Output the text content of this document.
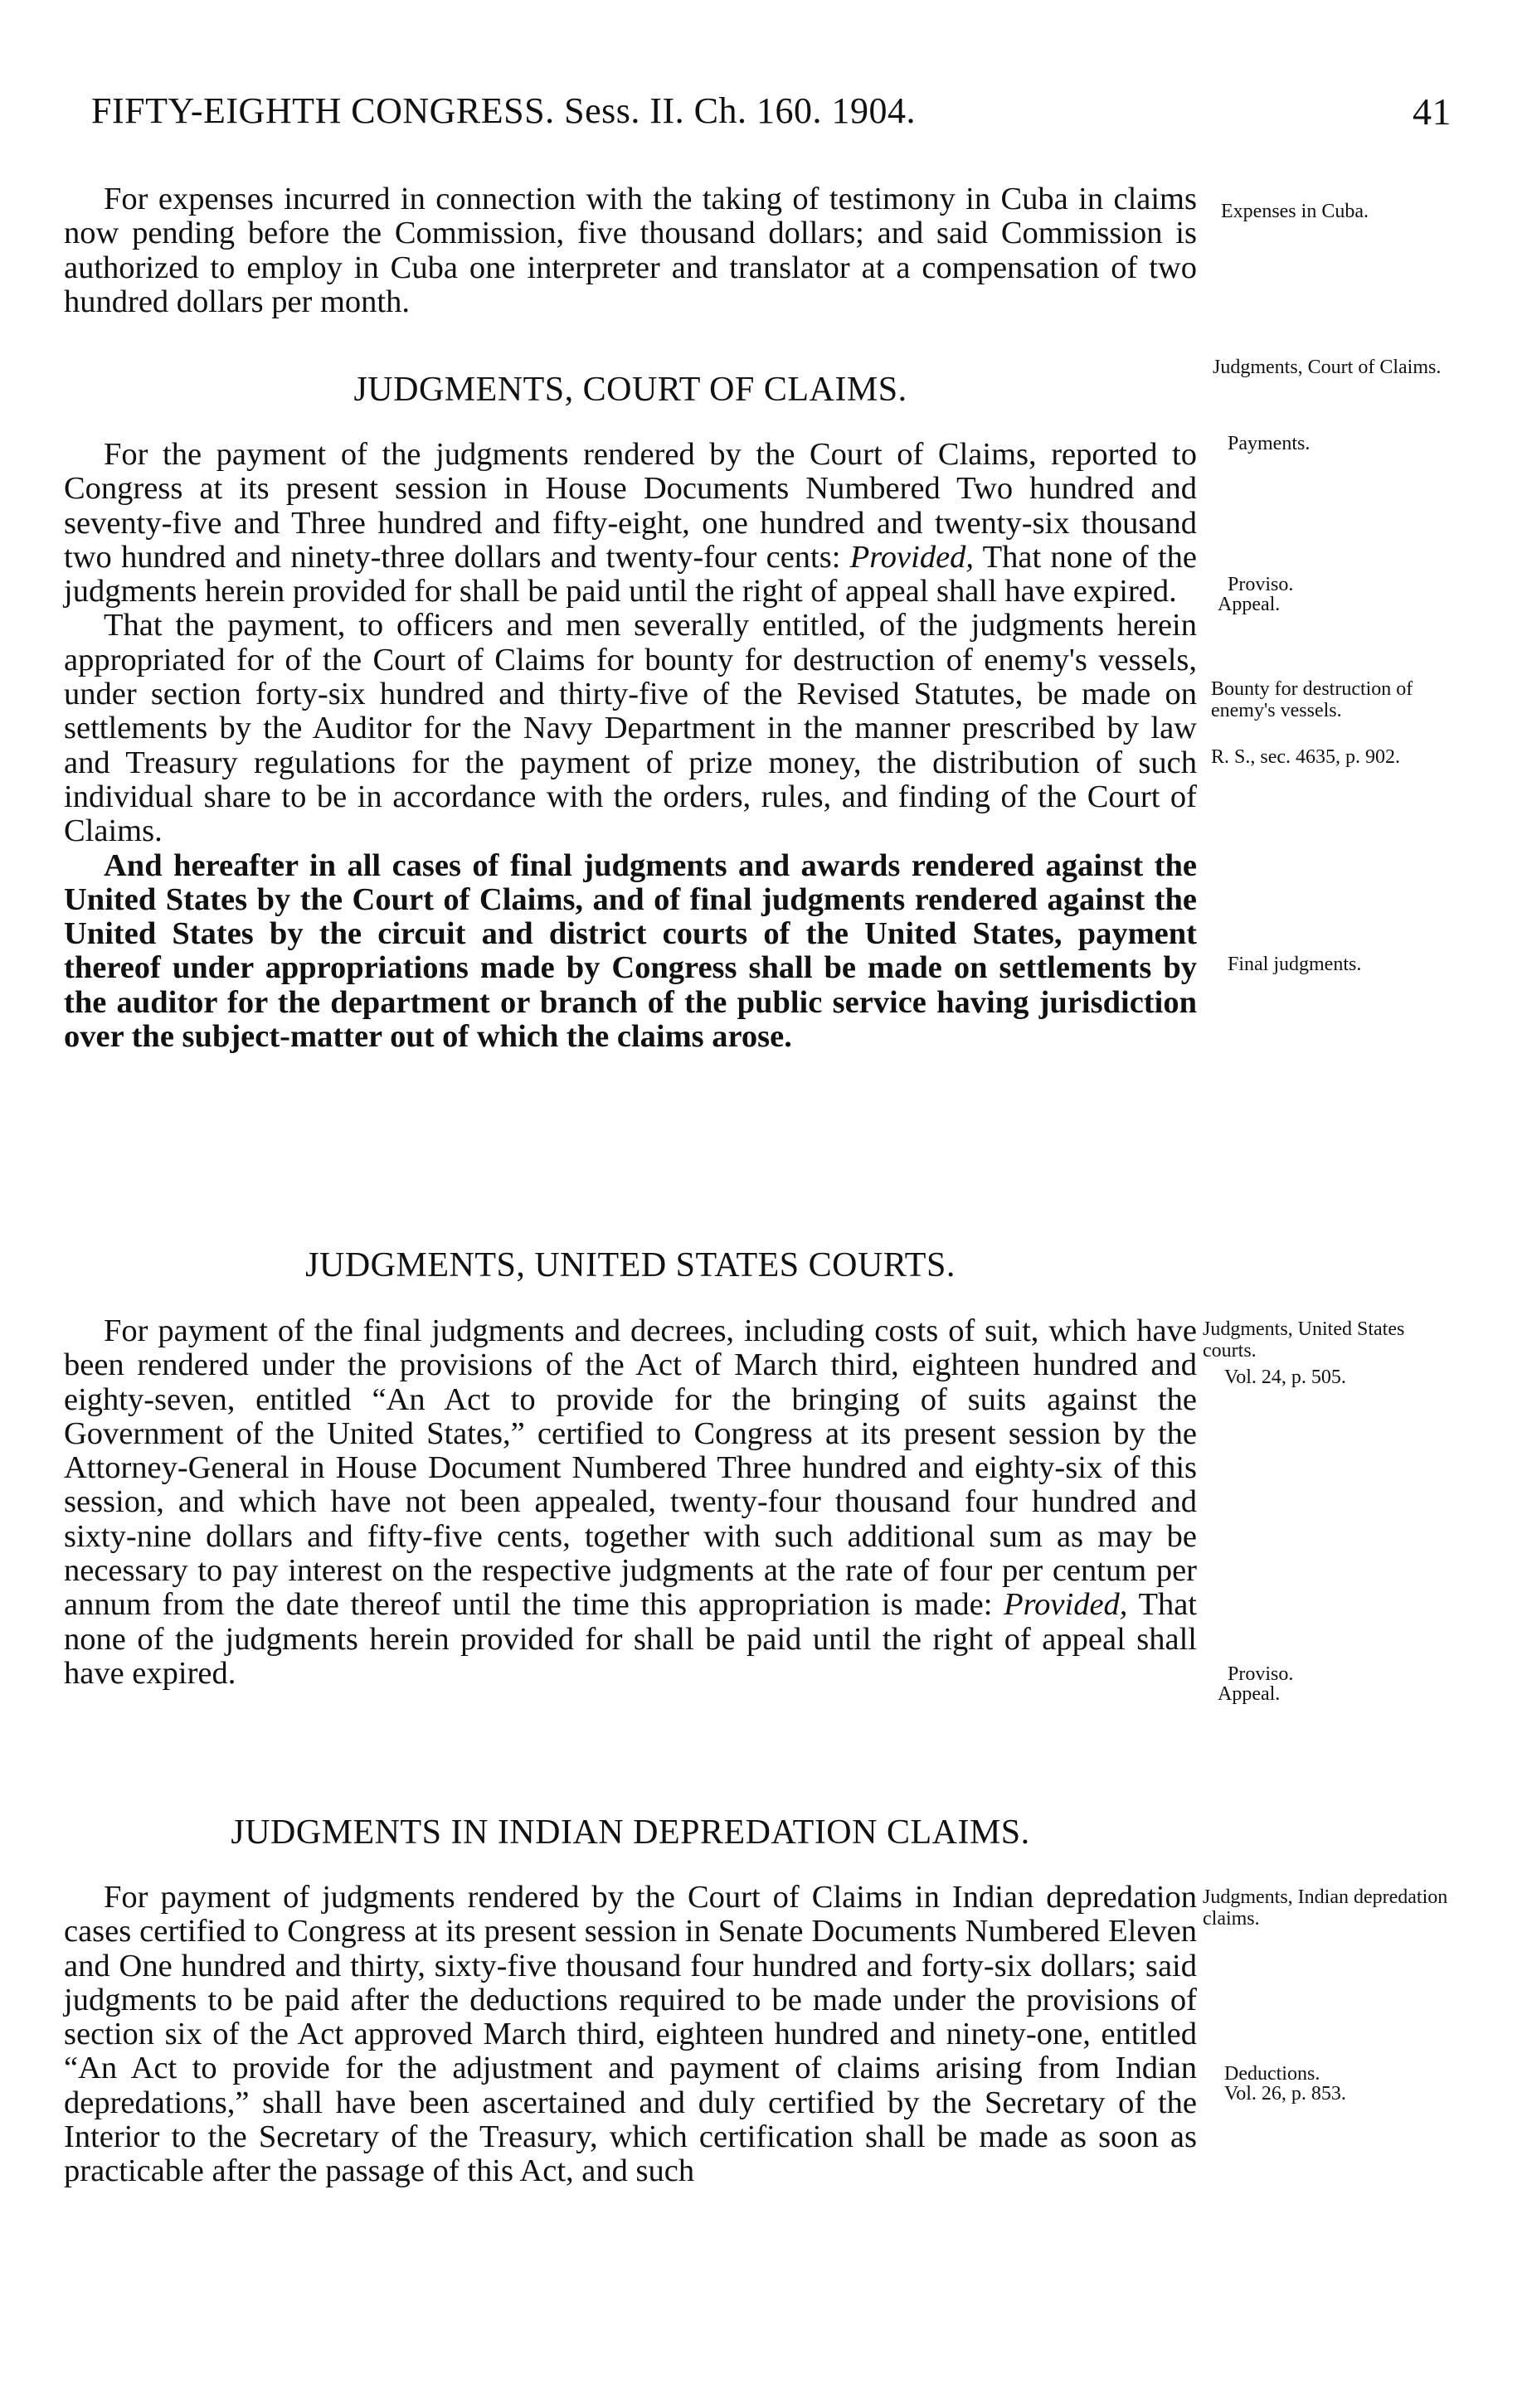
FIFTY-EIGHTH CONGRESS. Sess. II. Ch. 160. 1904.	41

For expenses incurred in connection with the taking of testimony in Cuba in claims now pending before the Commission, five thousand dollars; and said Commission is authorized to employ in Cuba one interpreter and translator at a compensation of two hundred dollars per month.

JUDGMENTS, COURT OF CLAIMS.

For the payment of the judgments rendered by the Court of Claims, reported to Congress at its present session in House Documents Numbered Two hundred and seventy-five and Three hundred and fifty-eight, one hundred and twenty-six thousand two hundred and ninety-three dollars and twenty-four cents: Provided, That none of the judgments herein provided for shall be paid until the right of appeal shall have expired.

That the payment, to officers and men severally entitled, of the judgments herein appropriated for of the Court of Claims for bounty for destruction of enemy's vessels, under section forty-six hundred and thirty-five of the Revised Statutes, be made on settlements by the Auditor for the Navy Department in the manner prescribed by law and Treasury regulations for the payment of prize money, the distribution of such individual share to be in accordance with the orders, rules, and finding of the Court of Claims.

And hereafter in all cases of final judgments and awards rendered against the United States by the Court of Claims, and of final judgments rendered against the United States by the circuit and district courts of the United States, payment thereof under appropriations made by Congress shall be made on settlements by the auditor for the department or branch of the public service having jurisdiction over the subject-matter out of which the claims arose.

JUDGMENTS, UNITED STATES COURTS.

For payment of the final judgments and decrees, including costs of suit, which have been rendered under the provisions of the Act of March third, eighteen hundred and eighty-seven, entitled “An Act to provide for the bringing of suits against the Government of the United States,” certified to Congress at its present session by the Attorney-General in House Document Numbered Three hundred and eighty-six of this session, and which have not been appealed, twenty-four thousand four hundred and sixty-nine dollars and fifty-five cents, together with such additional sum as may be necessary to pay interest on the respective judgments at the rate of four per centum per annum from the date thereof until the time this appropriation is made: Provided, That none of the judgments herein provided for shall be paid until the right of appeal shall have expired.

JUDGMENTS IN INDIAN DEPREDATION CLAIMS.

For payment of judgments rendered by the Court of Claims in Indian depredation cases certified to Congress at its present session in Senate Documents Numbered Eleven and One hundred and thirty, sixty-five thousand four hundred and forty-six dollars; said judgments to be paid after the deductions required to be made under the provisions of section six of the Act approved March third, eighteen hundred and ninety-one, entitled “An Act to provide for the adjustment and payment of claims arising from Indian depredations,” shall have been ascertained and duly certified by the Secretary of the Interior to the Secretary of the Treasury, which certification shall be made as soon as practicable after the passage of this Act, and such

Expenses in Cuba.
Judgments, Court of Claims.
Payments.
Proviso.
Appeal.
Bounty for destruction of enemy's vessels.
R. S., sec. 4635, p. 902.
Final judgments.
Judgments, United States courts.
Vol. 24, p. 505.
Proviso.
Appeal.
Judgments, Indian depredation claims.
Deductions.
Vol. 26, p. 853.
